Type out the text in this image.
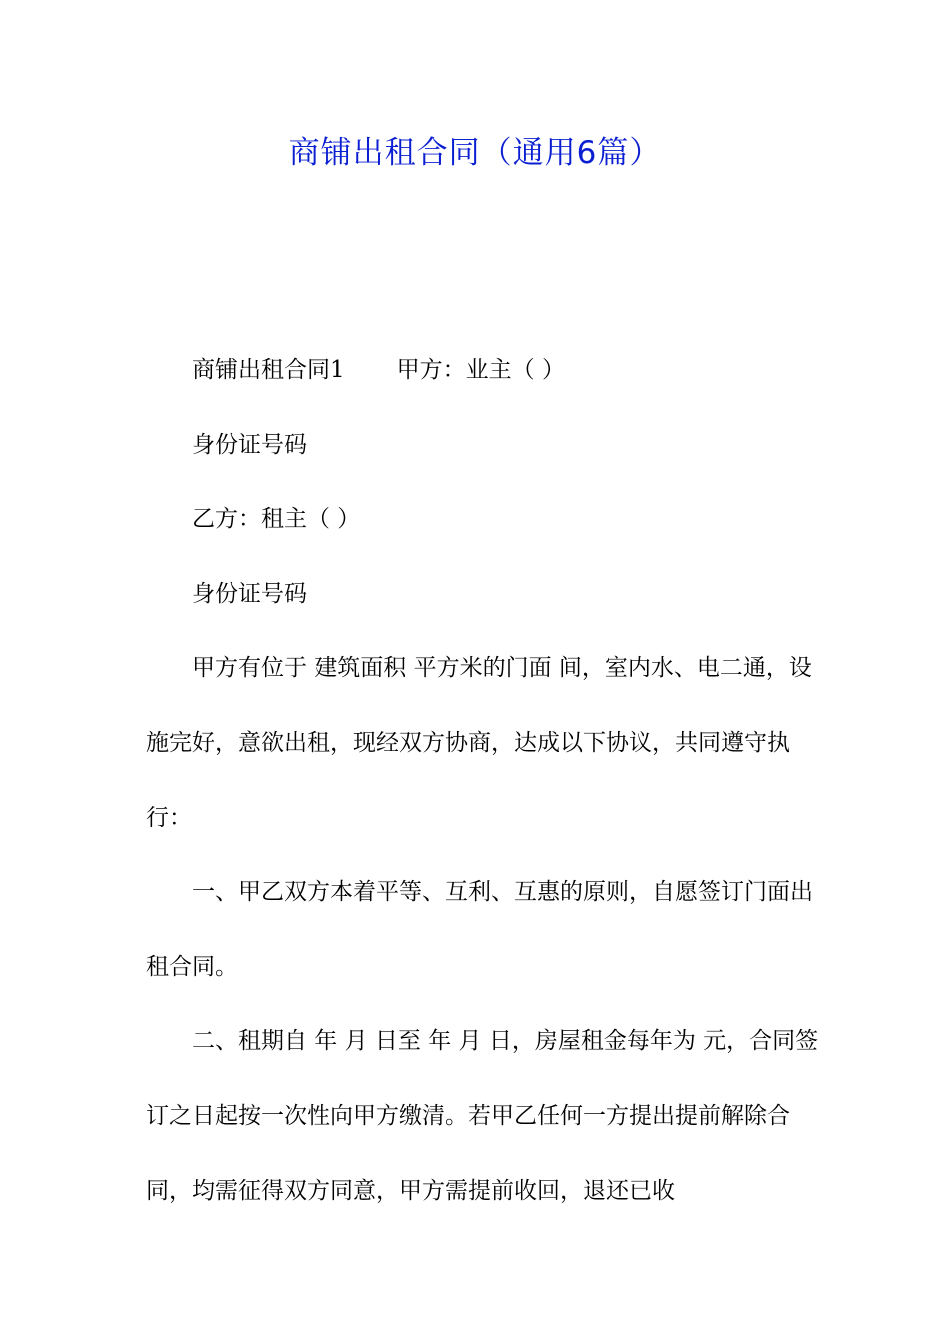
商铺出租合同（通用6篇）

商铺出租合同1 甲方：业主（ ）

身份证号码

乙方：租主（ ）

身份证号码

甲方有位于 建筑面积 平方米的门面 间，室内水、电二通，设施完好，意欲出租，现经双方协商，达成以下协议，共同遵守执行：

一、甲乙双方本着平等、互利、互惠的原则，自愿签订门面出租合同。

二、租期自 年 月 日至 年 月 日，房屋租金每年为 元，合同签订之日起按一次性向甲方缴清。若甲乙任何一方提出提前解除合同，均需征得双方同意，甲方需提前收回，退还已收
